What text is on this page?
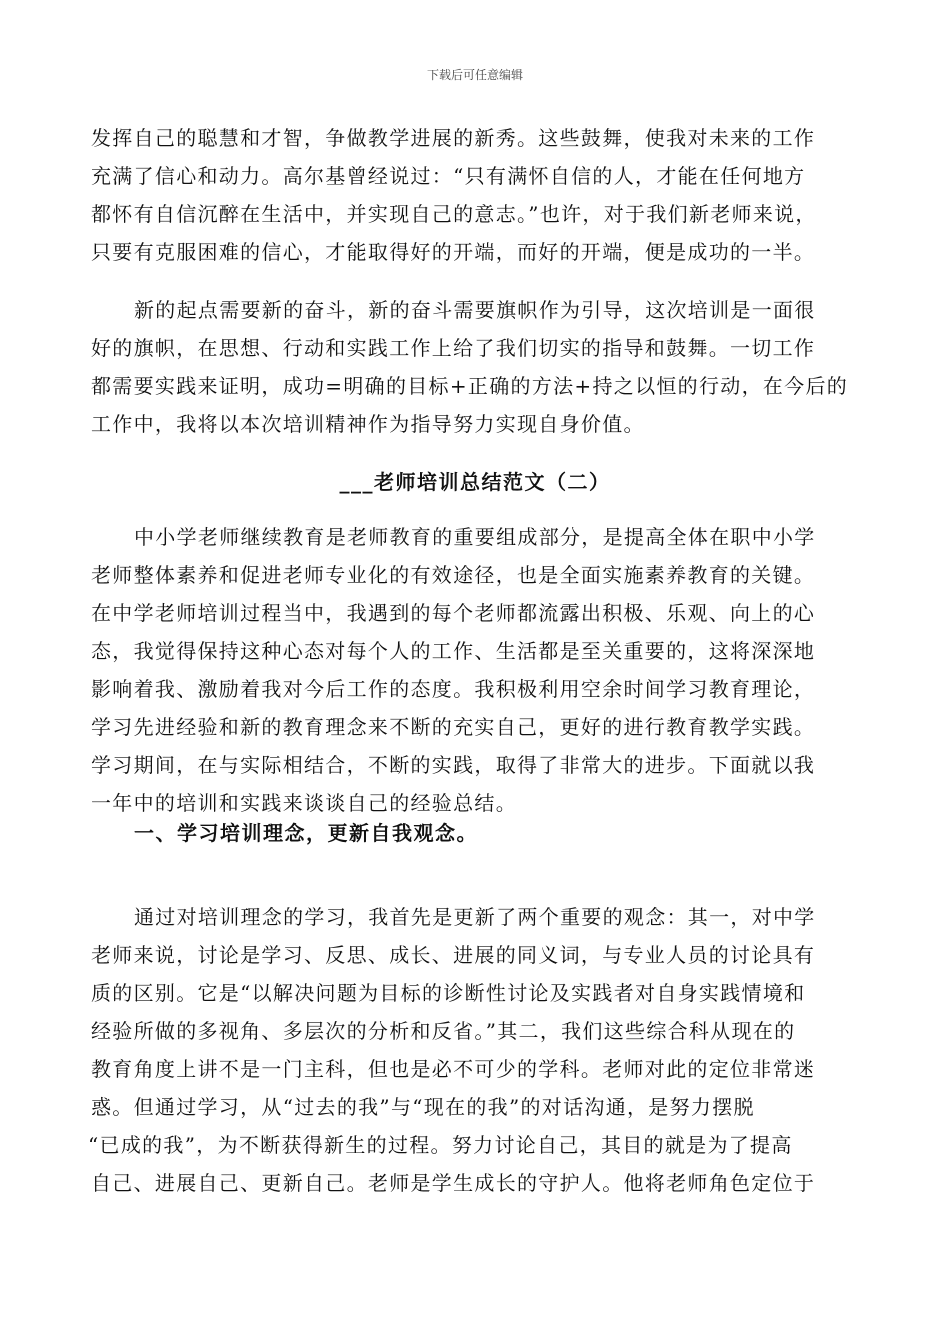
下载后可任意编辑
发挥自己的聪慧和才智，争做教学进展的新秀。这些鼓舞，使我对未来的工作
充满了信心和动力。高尔基曾经说过：“只有满怀自信的人，才能在任何地方
都怀有自信沉醉在生活中，并实现自己的意志。”也许，对于我们新老师来说，
只要有克服困难的信心，才能取得好的开端，而好的开端，便是成功的一半。
新的起点需要新的奋斗，新的奋斗需要旗帜作为引导，这次培训是一面很
好的旗帜，在思想、行动和实践工作上给了我们切实的指导和鼓舞。一切工作
都需要实践来证明，成功=明确的目标+正确的方法+持之以恒的行动，在今后的
工作中，我将以本次培训精神作为指导努力实现自身价值。
___老师培训总结范文（二）
中小学老师继续教育是老师教育的重要组成部分，是提高全体在职中小学
老师整体素养和促进老师专业化的有效途径，也是全面实施素养教育的关键。
在中学老师培训过程当中，我遇到的每个老师都流露出积极、乐观、向上的心
态，我觉得保持这种心态对每个人的工作、生活都是至关重要的，这将深深地
影响着我、激励着我对今后工作的态度。我积极利用空余时间学习教育理论，
学习先进经验和新的教育理念来不断的充实自己，更好的进行教育教学实践。
学习期间，在与实际相结合，不断的实践，取得了非常大的进步。下面就以我
一年中的培训和实践来谈谈自己的经验总结。
一、学习培训理念，更新自我观念。
通过对培训理念的学习，我首先是更新了两个重要的观念：其一，对中学
老师来说，讨论是学习、反思、成长、进展的同义词，与专业人员的讨论具有
质的区别。它是“以解决问题为目标的诊断性讨论及实践者对自身实践情境和
经验所做的多视角、多层次的分析和反省。”其二，我们这些综合科从现在的
教育角度上讲不是一门主科，但也是必不可少的学科。老师对此的定位非常迷
惑。但通过学习，从“过去的我”与“现在的我”的对话沟通，是努力摆脱
“已成的我”，为不断获得新生的过程。努力讨论自己，其目的就是为了提高
自己、进展自己、更新自己。老师是学生成长的守护人。他将老师角色定位于
